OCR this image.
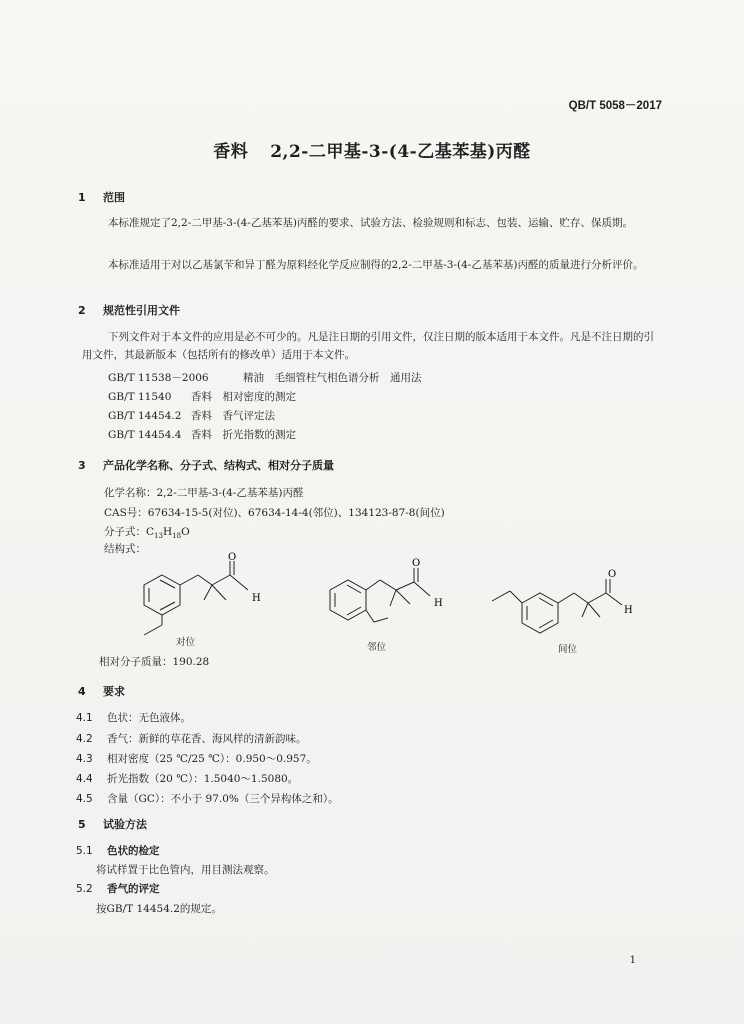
QB/T 5058－2017
香料 2,2-二甲基-3-(4-乙基苯基)丙醛
1 范围
本标准规定了2,2-二甲基-3-(4-乙基苯基)丙醛的要求、试验方法、检验规则和标志、包装、运输、贮存、保质期。
本标准适用于对以乙基氯苄和异丁醛为原料经化学反应制得的2,2-二甲基-3-(4-乙基苯基)丙醛的质量进行分析评价。
2 规范性引用文件
下列文件对于本文件的应用是必不可少的。凡是注日期的引用文件，仅注日期的版本适用于本文件。凡是不注日期的引用文件，其最新版本（包括所有的修改单）适用于本文件。
GB/T 11538－2006	精油　毛细管柱气相色谱分析　通用法
GB/T 11540 香料　相对密度的测定
GB/T 14454.2 香料　香气评定法
GB/T 14454.4 香料　折光指数的测定
3 产品化学名称、分子式、结构式、相对分子质量
化学名称：2,2-二甲基-3-(4-乙基苯基)丙醛
CAS号：67634-15-5(对位)、67634-14-4(邻位)、134123-87-8(间位)
分子式：$C_{13}H_{18}O$
结构式：
O
H
对位
O
H
邻位
O
H
间位
相对分子质量：190.28
4 要求
4.1 色状：无色液体。
4.2 香气：新鲜的草花香、海风样的清新韵味。
4.3 相对密度（25 ℃/25 ℃）：0.950～0.957。
4.4 折光指数（20 ℃）：1.5040～1.5080。
4.5 含量（GC）：不小于 97.0%（三个异构体之和）。
5 试验方法
5.1 色状的检定
将试样置于比色管内，用目测法观察。
5.2 香气的评定
按GB/T 14454.2的规定。
1
